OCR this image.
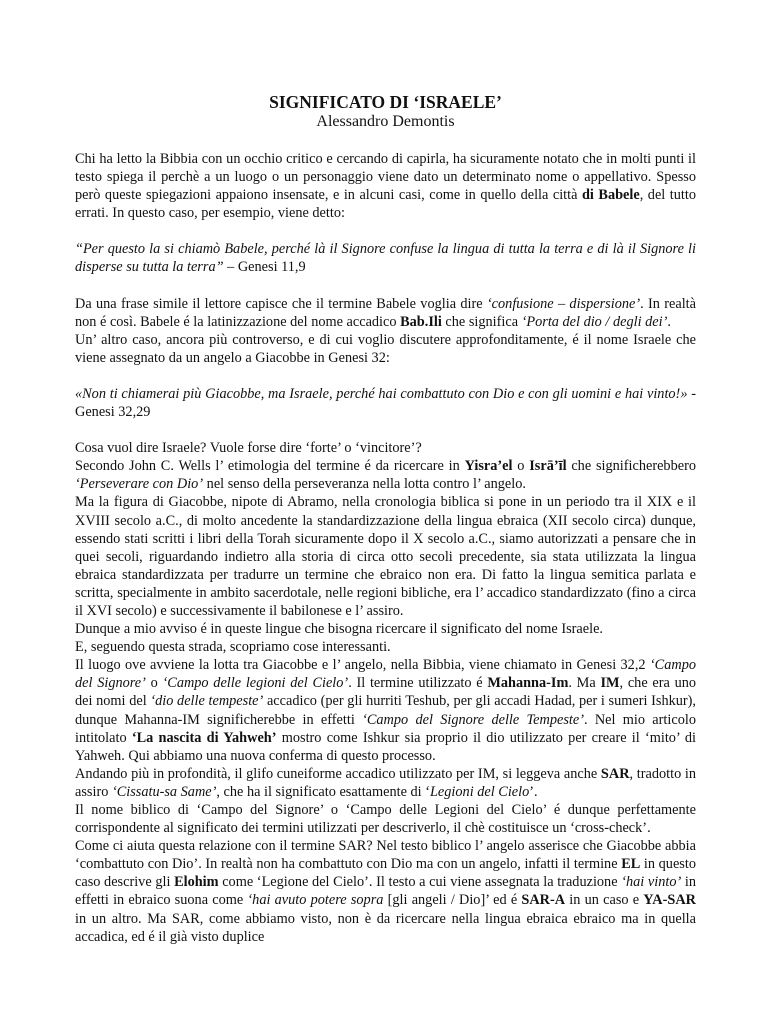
SIGNIFICATO DI ‘ISRAELE’
Alessandro Demontis

Chi ha letto la Bibbia con un occhio critico e cercando di capirla, ha sicuramente notato che in molti punti il testo spiega il perchè a un luogo o un personaggio viene dato un determinato nome o appellativo. Spesso però queste spiegazioni appaiono insensate, e in alcuni casi, come in quello della città di Babele, del tutto errati. In questo caso, per esempio, viene detto:

“Per questo la si chiamò Babele, perché là il Signore confuse la lingua di tutta la terra e di là il Signore li disperse su tutta la terra” – Genesi 11,9

Da una frase simile il lettore capisce che il termine Babele voglia dire ‘confusione – dispersione’. In realtà non é così. Babele é la latinizzazione del nome accadico Bab.Ili che significa ‘Porta del dio / degli dei’.

Un’ altro caso, ancora più controverso, e di cui voglio discutere approfonditamente, é il nome Israele che viene assegnato da un angelo a Giacobbe in Genesi 32:

«Non ti chiamerai più Giacobbe, ma Israele, perché hai combattuto con Dio e con gli uomini e hai vinto!» - Genesi 32,29

Cosa vuol dire Israele? Vuole forse dire ‘forte’ o ‘vincitore’?

Secondo John C. Wells l’ etimologia del termine é da ricercare in Yisra’el o Isrā’īl che significherebbero ‘Perseverare con Dio’ nel senso della perseveranza nella lotta contro l’ angelo.

Ma la figura di Giacobbe, nipote di Abramo, nella cronologia biblica si pone in un periodo tra il XIX e il XVIII secolo a.C., di molto ancedente la standardizzazione della lingua ebraica (XII secolo circa) dunque, essendo stati scritti i libri della Torah sicuramente dopo il X secolo a.C., siamo autorizzati a pensare che in quei secoli, riguardando indietro alla storia di circa otto secoli precedente, sia stata utilizzata la lingua ebraica standardizzata per tradurre un termine che ebraico non era. Di fatto la lingua semitica parlata e scritta, specialmente in ambito sacerdotale, nelle regioni bibliche, era l’ accadico standardizzato (fino a circa il XVI secolo) e successivamente il babilonese e l’ assiro.

Dunque a mio avviso é in queste lingue che bisogna ricercare il significato del nome Israele.

E, seguendo questa strada, scopriamo cose interessanti.

Il luogo ove avviene la lotta tra Giacobbe e l’ angelo, nella Bibbia, viene chiamato in Genesi 32,2 ‘Campo del Signore’ o ‘Campo delle legioni del Cielo’. Il termine utilizzato é Mahanna-Im. Ma IM, che era uno dei nomi del ‘dio delle tempeste’ accadico (per gli hurriti Teshub, per gli accadi Hadad, per i sumeri Ishkur), dunque Mahanna-IM significherebbe in effetti ‘Campo del Signore delle Tempeste’. Nel mio articolo intitolato ‘La nascita di Yahweh’ mostro come Ishkur sia proprio il dio utilizzato per creare il ‘mito’ di Yahweh. Qui abbiamo una nuova conferma di questo processo.

Andando più in profondità, il glifo cuneiforme accadico utilizzato per IM, si leggeva anche SAR, tradotto in assiro ‘Cissatu-sa Same’, che ha il significato esattamente di ‘Legioni del Cielo’.

Il nome biblico di ‘Campo del Signore’ o ‘Campo delle Legioni del Cielo’ é dunque perfettamente corrispondente al significato dei termini utilizzati per descriverlo, il chè costituisce un ‘cross-check’.

Come ci aiuta questa relazione con il termine SAR? Nel testo biblico l’ angelo asserisce che Giacobbe abbia ‘combattuto con Dio’. In realtà non ha combattuto con Dio ma con un angelo, infatti il termine EL in questo caso descrive gli Elohim come ‘Legione del Cielo’. Il testo a cui viene assegnata la traduzione ‘hai vinto’ in effetti in ebraico suona come ‘hai avuto potere sopra [gli angeli / Dio]’ ed é SAR-A in un caso e YA-SAR in un altro. Ma SAR, come abbiamo visto, non è da ricercare nella lingua ebraica ebraico ma in quella accadica, ed é il già visto duplice
